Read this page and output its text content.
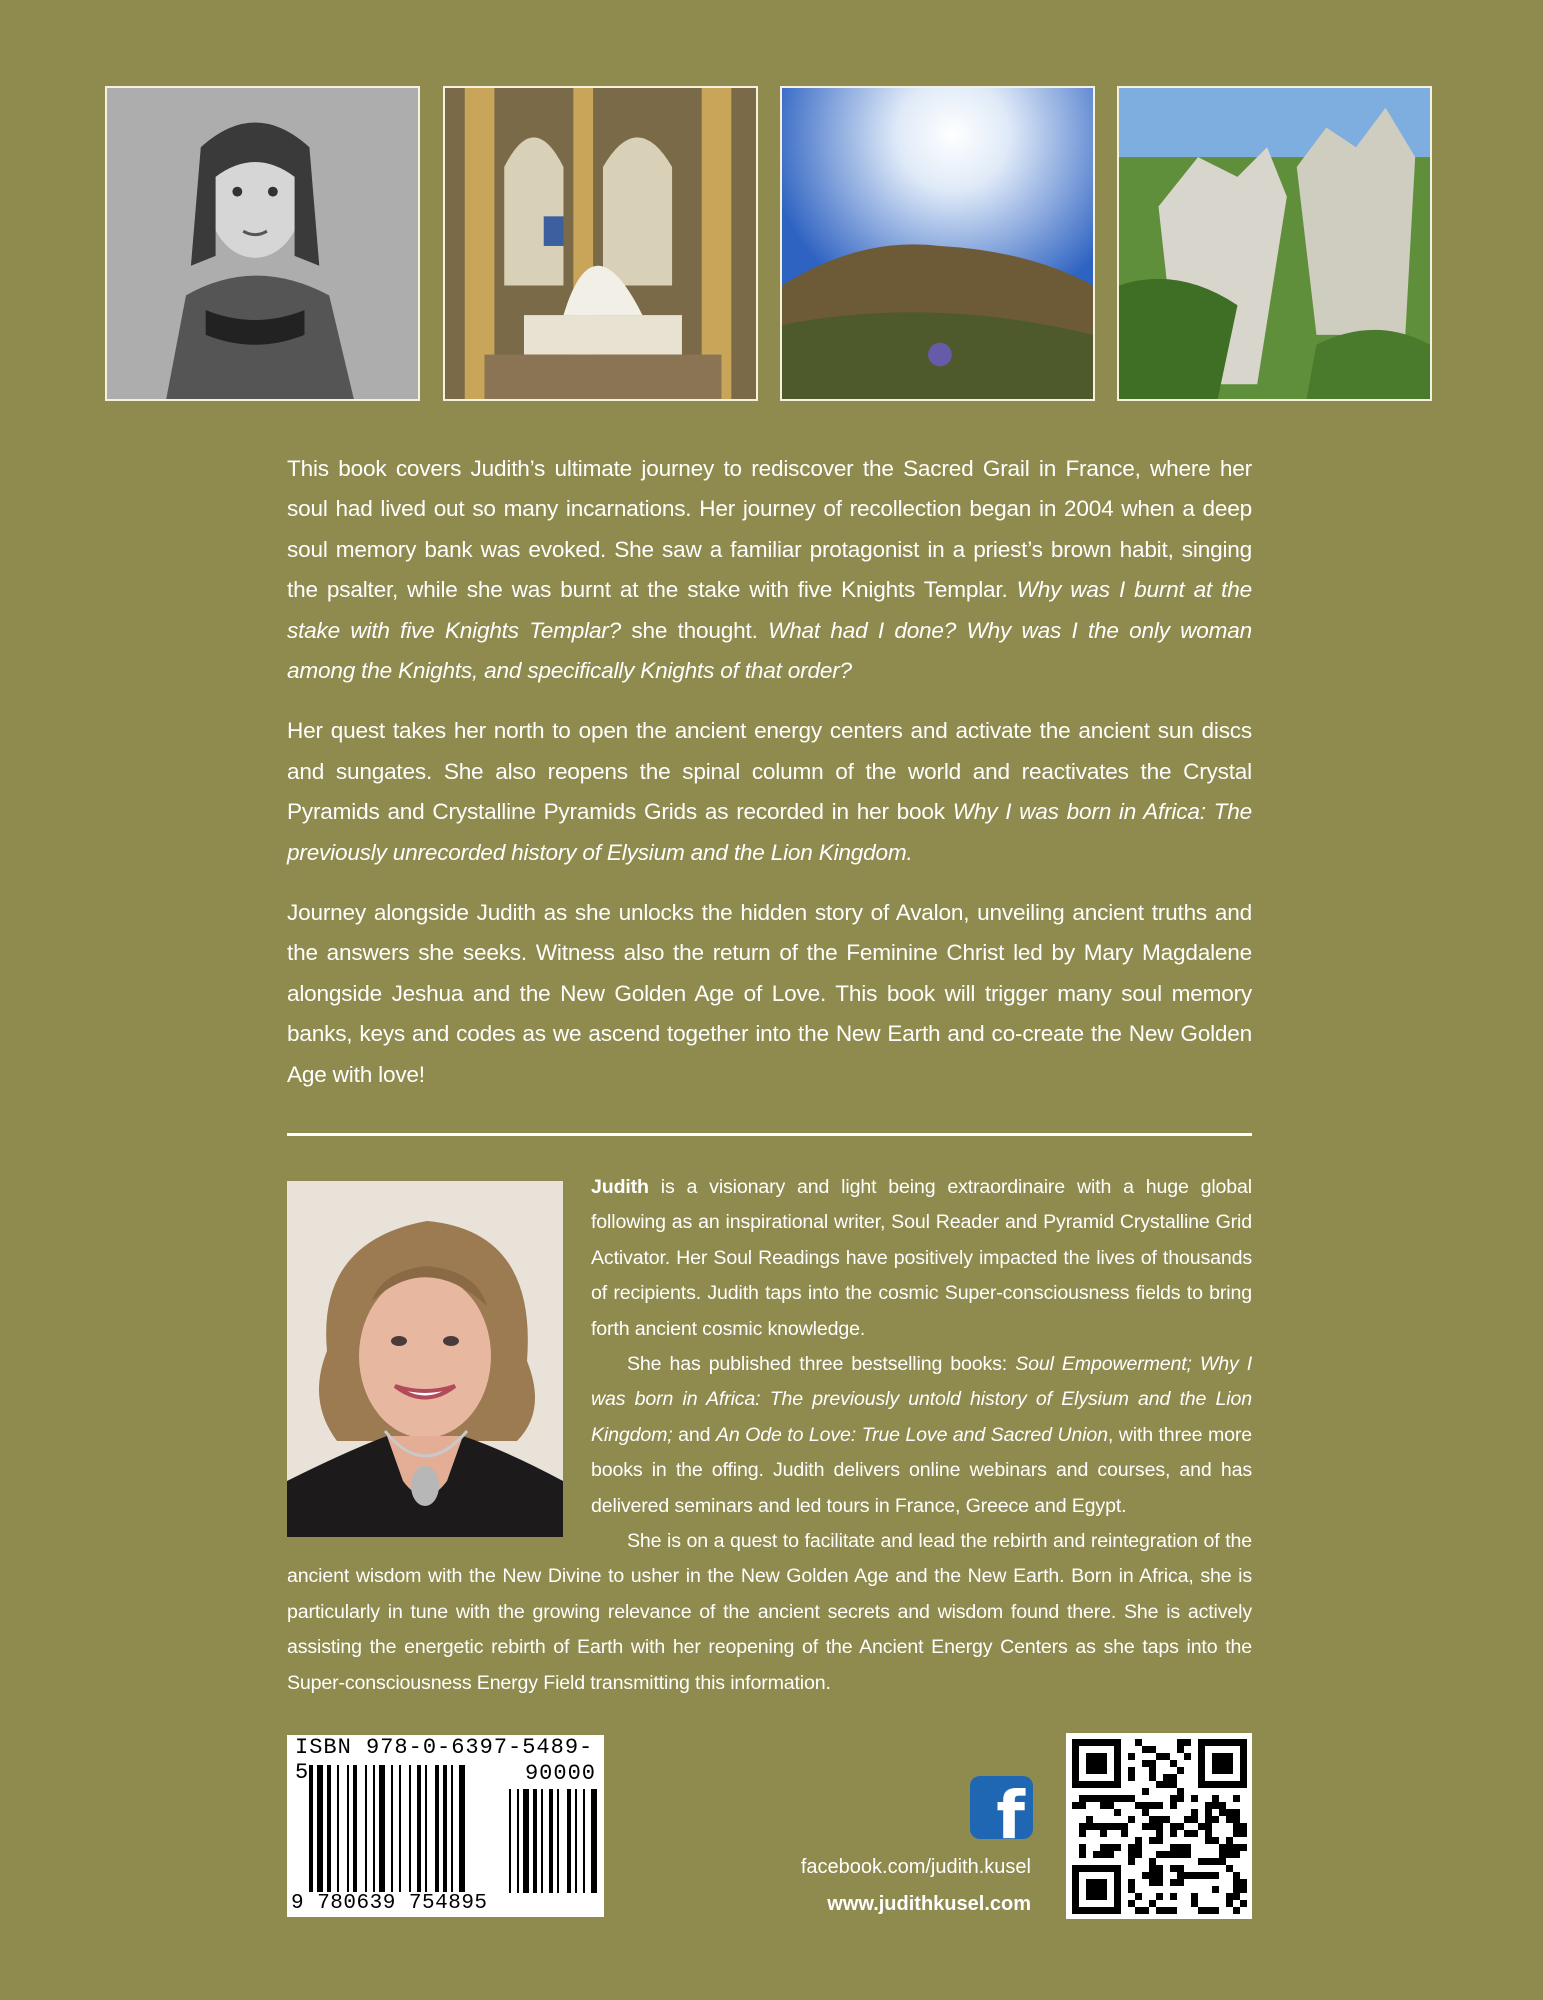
This book covers Judith’s ultimate journey to rediscover the Sacred Grail in France, where her soul had lived out so many incarnations. Her journey of recollection began in 2004 when a deep soul memory bank was evoked. She saw a familiar protagonist in a priest’s brown habit, singing the psalter, while she was burnt at the stake with five Knights Templar. Why was I burnt at the stake with five Knights Templar? she thought. What had I done? Why was I the only woman among the Knights, and specifically Knights of that order?

Her quest takes her north to open the ancient energy centers and activate the ancient sun discs and sungates. She also reopens the spinal column of the world and reactivates the Crystal Pyramids and Crystalline Pyramids Grids as recorded in her book Why I was born in Africa: The previously unrecorded history of Elysium and the Lion Kingdom.

Journey alongside Judith as she unlocks the hidden story of Avalon, unveiling ancient truths and the answers she seeks. Witness also the return of the Feminine Christ led by Mary Magdalene alongside Jeshua and the New Golden Age of Love. This book will trigger many soul memory banks, keys and codes as we ascend together into the New Earth and co-create the New Golden Age with love!

Judith is a visionary and light being extraordinaire with a huge global following as an inspirational writer, Soul Reader and Pyramid Crystalline Grid Activator. Her Soul Readings have positively impacted the lives of thousands of recipients. Judith taps into the cosmic Super-consciousness fields to bring forth ancient cosmic knowledge.

She has published three bestselling books: Soul Empowerment; Why I was born in Africa: The previously untold history of Elysium and the Lion Kingdom; and An Ode to Love: True Love and Sacred Union, with three more books in the offing. Judith delivers online webinars and courses, and has delivered seminars and led tours in France, Greece and Egypt.

She is on a quest to facilitate and lead the rebirth and reintegration of the ancient wisdom with the New Divine to usher in the New Golden Age and the New Earth. Born in Africa, she is particularly in tune with the growing relevance of the ancient secrets and wisdom found there. She is actively assisting the energetic rebirth of Earth with her reopening of the Ancient Energy Centers as she taps into the Super-consciousness Energy Field transmitting this information.

ISBN 978-0-6397-5489-5	90000
9 780639 754895
f
facebook.com/judith.kusel
www.judithkusel.com
